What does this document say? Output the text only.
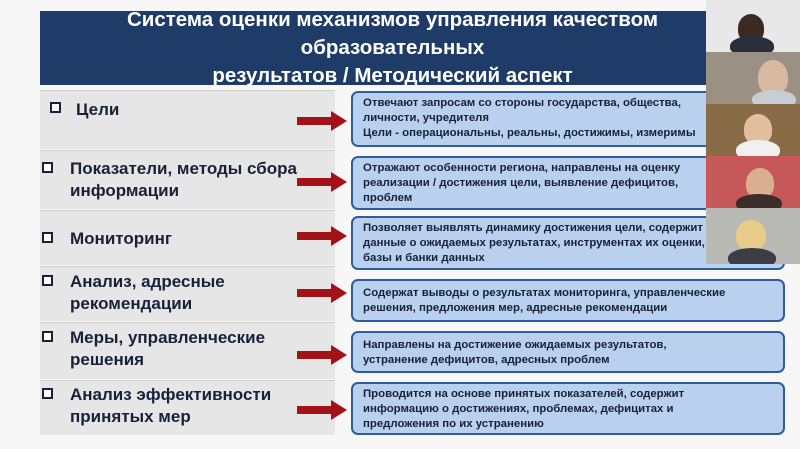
Система оценки механизмов управления качеством образовательных
результатов / Методический аспект
Цели
Показатели, методы сбора
информации
Мониторинг
Анализ, адресные
рекомендации
Меры, управленческие
решения
Анализ эффективности
принятых мер
Отвечают запросам со стороны государства, общества,
личности, учредителя
Цели - операциональны, реальны, достижимы, измеримы
Отражают особенности региона, направлены на оценку
реализации / достижения цели, выявление дефицитов,
проблем
Позволяет выявлять динамику достижения цели, содержит
данные о ожидаемых результатах, инструментах их оценки,
базы и банки данных
Содержат выводы о результатах мониторинга, управленческие
решения, предложения мер, адресные рекомендации
Направлены на достижение ожидаемых результатов,
устранение дефицитов, адресных проблем
Проводится на основе принятых показателей, содержит
информацию о достижениях, проблемах, дефицитах и
предложения по их устранению
